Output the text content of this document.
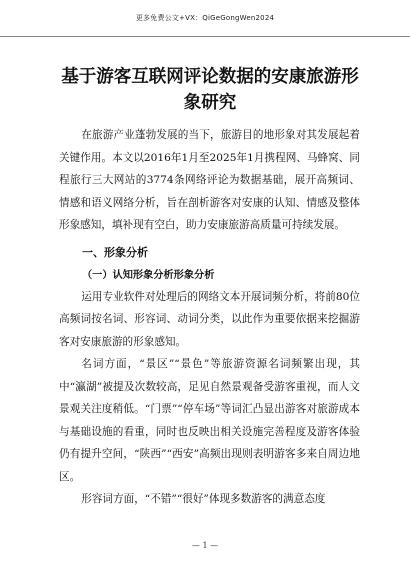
更多免费公文+VX：QiGeGongWen2024
基于游客互联网评论数据的安康旅游形象研究

在旅游产业蓬勃发展的当下，旅游目的地形象对其发展起着关键作用。本文以2016年1月至2025年1月携程网、马蜂窝、同程旅行三大网站的3774条网络评论为数据基础，展开高频词、情感和语义网络分析，旨在剖析游客对安康的认知、情感及整体形象感知，填补现有空白，助力安康旅游高质量可持续发展。

一、形象分析
（一）认知形象分析形象分析

运用专业软件对处理后的网络文本开展词频分析，将前80位高频词按名词、形容词、动词分类，以此作为重要依据来挖掘游客对安康旅游的形象感知。

名词方面，“景区”“景色”等旅游资源名词频繁出现，其中“瀛湖”被提及次数较高，足见自然景观备受游客重视，而人文景观关注度稍低。“门票”“停车场”等词汇凸显出游客对旅游成本与基础设施的看重，同时也反映出相关设施完善程度及游客体验仍有提升空间，“陕西”“西安”高频出现则表明游客多来自周边地区。

形容词方面，“不错”“很好”体现多数游客的满意态度

— 1 —
